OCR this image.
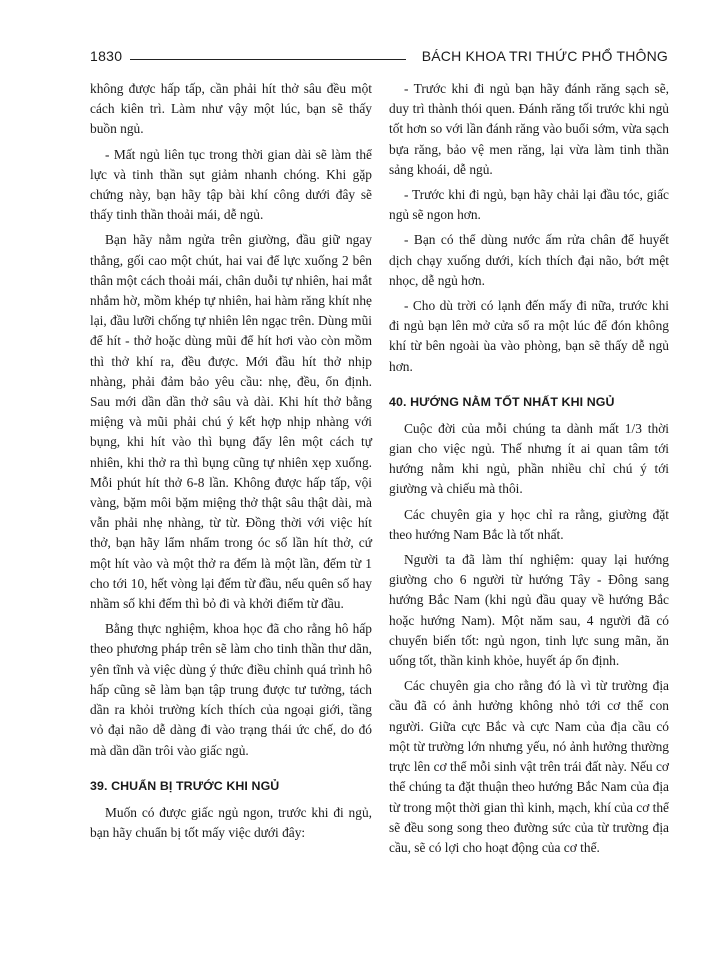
1830	BÁCH KHOA TRI THỨC PHỔ THÔNG

không được hấp tấp, cần phải hít thở sâu đều một cách kiên trì. Làm như vậy một lúc, bạn sẽ thấy buồn ngủ.

- Mất ngủ liên tục trong thời gian dài sẽ làm thể lực và tinh thần sụt giảm nhanh chóng. Khi gặp chứng này, bạn hãy tập bài khí công dưới đây sẽ thấy tinh thần thoải mái, dễ ngủ.

Bạn hãy nằm ngửa trên giường, đầu giữ ngay thẳng, gối cao một chút, hai vai để lực xuống 2 bên thân một cách thoải mái, chân duỗi tự nhiên, hai mắt nhắm hờ, mồm khép tự nhiên, hai hàm răng khít nhẹ lại, đầu lưỡi chống tự nhiên lên ngạc trên. Dùng mũi để hít - thở hoặc dùng mũi để hít hơi vào còn mồm thì thở khí ra, đều được. Mới đầu hít thở nhịp nhàng, phải đảm bảo yêu cầu: nhẹ, đều, ổn định. Sau mới dần dần thở sâu và dài. Khi hít thở bằng miệng và mũi phải chú ý kết hợp nhịp nhàng với bụng, khi hít vào thì bụng đẩy lên một cách tự nhiên, khi thở ra thì bụng cũng tự nhiên xẹp xuống. Mỗi phút hít thở 6-8 lần. Không được hấp tấp, vội vàng, bặm môi bặm miệng thở thật sâu thật dài, mà vẫn phải nhẹ nhàng, từ từ. Đồng thời với việc hít thở, bạn hãy lẩm nhẩm trong óc số lần hít thở, cứ một hít vào và một thở ra đếm là một lần, đếm từ 1 cho tới 10, hết vòng lại đếm từ đầu, nếu quên số hay nhầm số khi đếm thì bỏ đi và khởi điểm từ đầu.

Bằng thực nghiệm, khoa học đã cho rằng hô hấp theo phương pháp trên sẽ làm cho tinh thần thư dãn, yên tĩnh và việc dùng ý thức điều chỉnh quá trình hô hấp cũng sẽ làm bạn tập trung được tư tưởng, tách dần ra khỏi trường kích thích của ngoại giới, tầng vỏ đại não dễ dàng đi vào trạng thái ức chế, do đó mà dần dần trôi vào giấc ngủ.

39. CHUẨN BỊ TRƯỚC KHI NGỦ

Muốn có được giấc ngủ ngon, trước khi đi ngủ, bạn hãy chuẩn bị tốt mấy việc dưới đây:

- Trước khi đi ngủ bạn hãy đánh răng sạch sẽ, duy trì thành thói quen. Đánh răng tối trước khi ngủ tốt hơn so với lần đánh răng vào buổi sớm, vừa sạch bựa răng, bảo vệ men răng, lại vừa làm tinh thần sảng khoái, dễ ngủ.

- Trước khi đi ngủ, bạn hãy chải lại đầu tóc, giấc ngủ sẽ ngon hơn.

- Bạn có thể dùng nước ấm rửa chân để huyết dịch chạy xuống dưới, kích thích đại não, bớt mệt nhọc, dễ ngủ hơn.

- Cho dù trời có lạnh đến mấy đi nữa, trước khi đi ngủ bạn lên mở cửa sổ ra một lúc để đón không khí từ bên ngoài ùa vào phòng, bạn sẽ thấy dễ ngủ hơn.

40. HƯỚNG NẰM TỐT NHẤT KHI NGỦ

Cuộc đời của mỗi chúng ta dành mất 1/3 thời gian cho việc ngủ. Thế nhưng ít ai quan tâm tới hướng nằm khi ngủ, phần nhiều chỉ chú ý tới giường và chiếu mà thôi.

Các chuyên gia y học chỉ ra rằng, giường đặt theo hướng Nam Bắc là tốt nhất.

Người ta đã làm thí nghiệm: quay lại hướng giường cho 6 người từ hướng Tây - Đông sang hướng Bắc Nam (khi ngủ đầu quay về hướng Bắc hoặc hướng Nam). Một năm sau, 4 người đã có chuyển biến tốt: ngủ ngon, tinh lực sung mãn, ăn uống tốt, thần kinh khỏe, huyết áp ổn định.

Các chuyên gia cho rằng đó là vì từ trường địa cầu đã có ảnh hưởng không nhỏ tới cơ thể con người. Giữa cực Bắc và cực Nam của địa cầu có một từ trường lớn nhưng yếu, nó ảnh hưởng thường trực lên cơ thể mỗi sinh vật trên trái đất này. Nếu cơ thể chúng ta đặt thuận theo hướng Bắc Nam của địa từ trong một thời gian thì kinh, mạch, khí của cơ thể sẽ đều song song theo đường sức của từ trường địa cầu, sẽ có lợi cho hoạt động của cơ thể.
